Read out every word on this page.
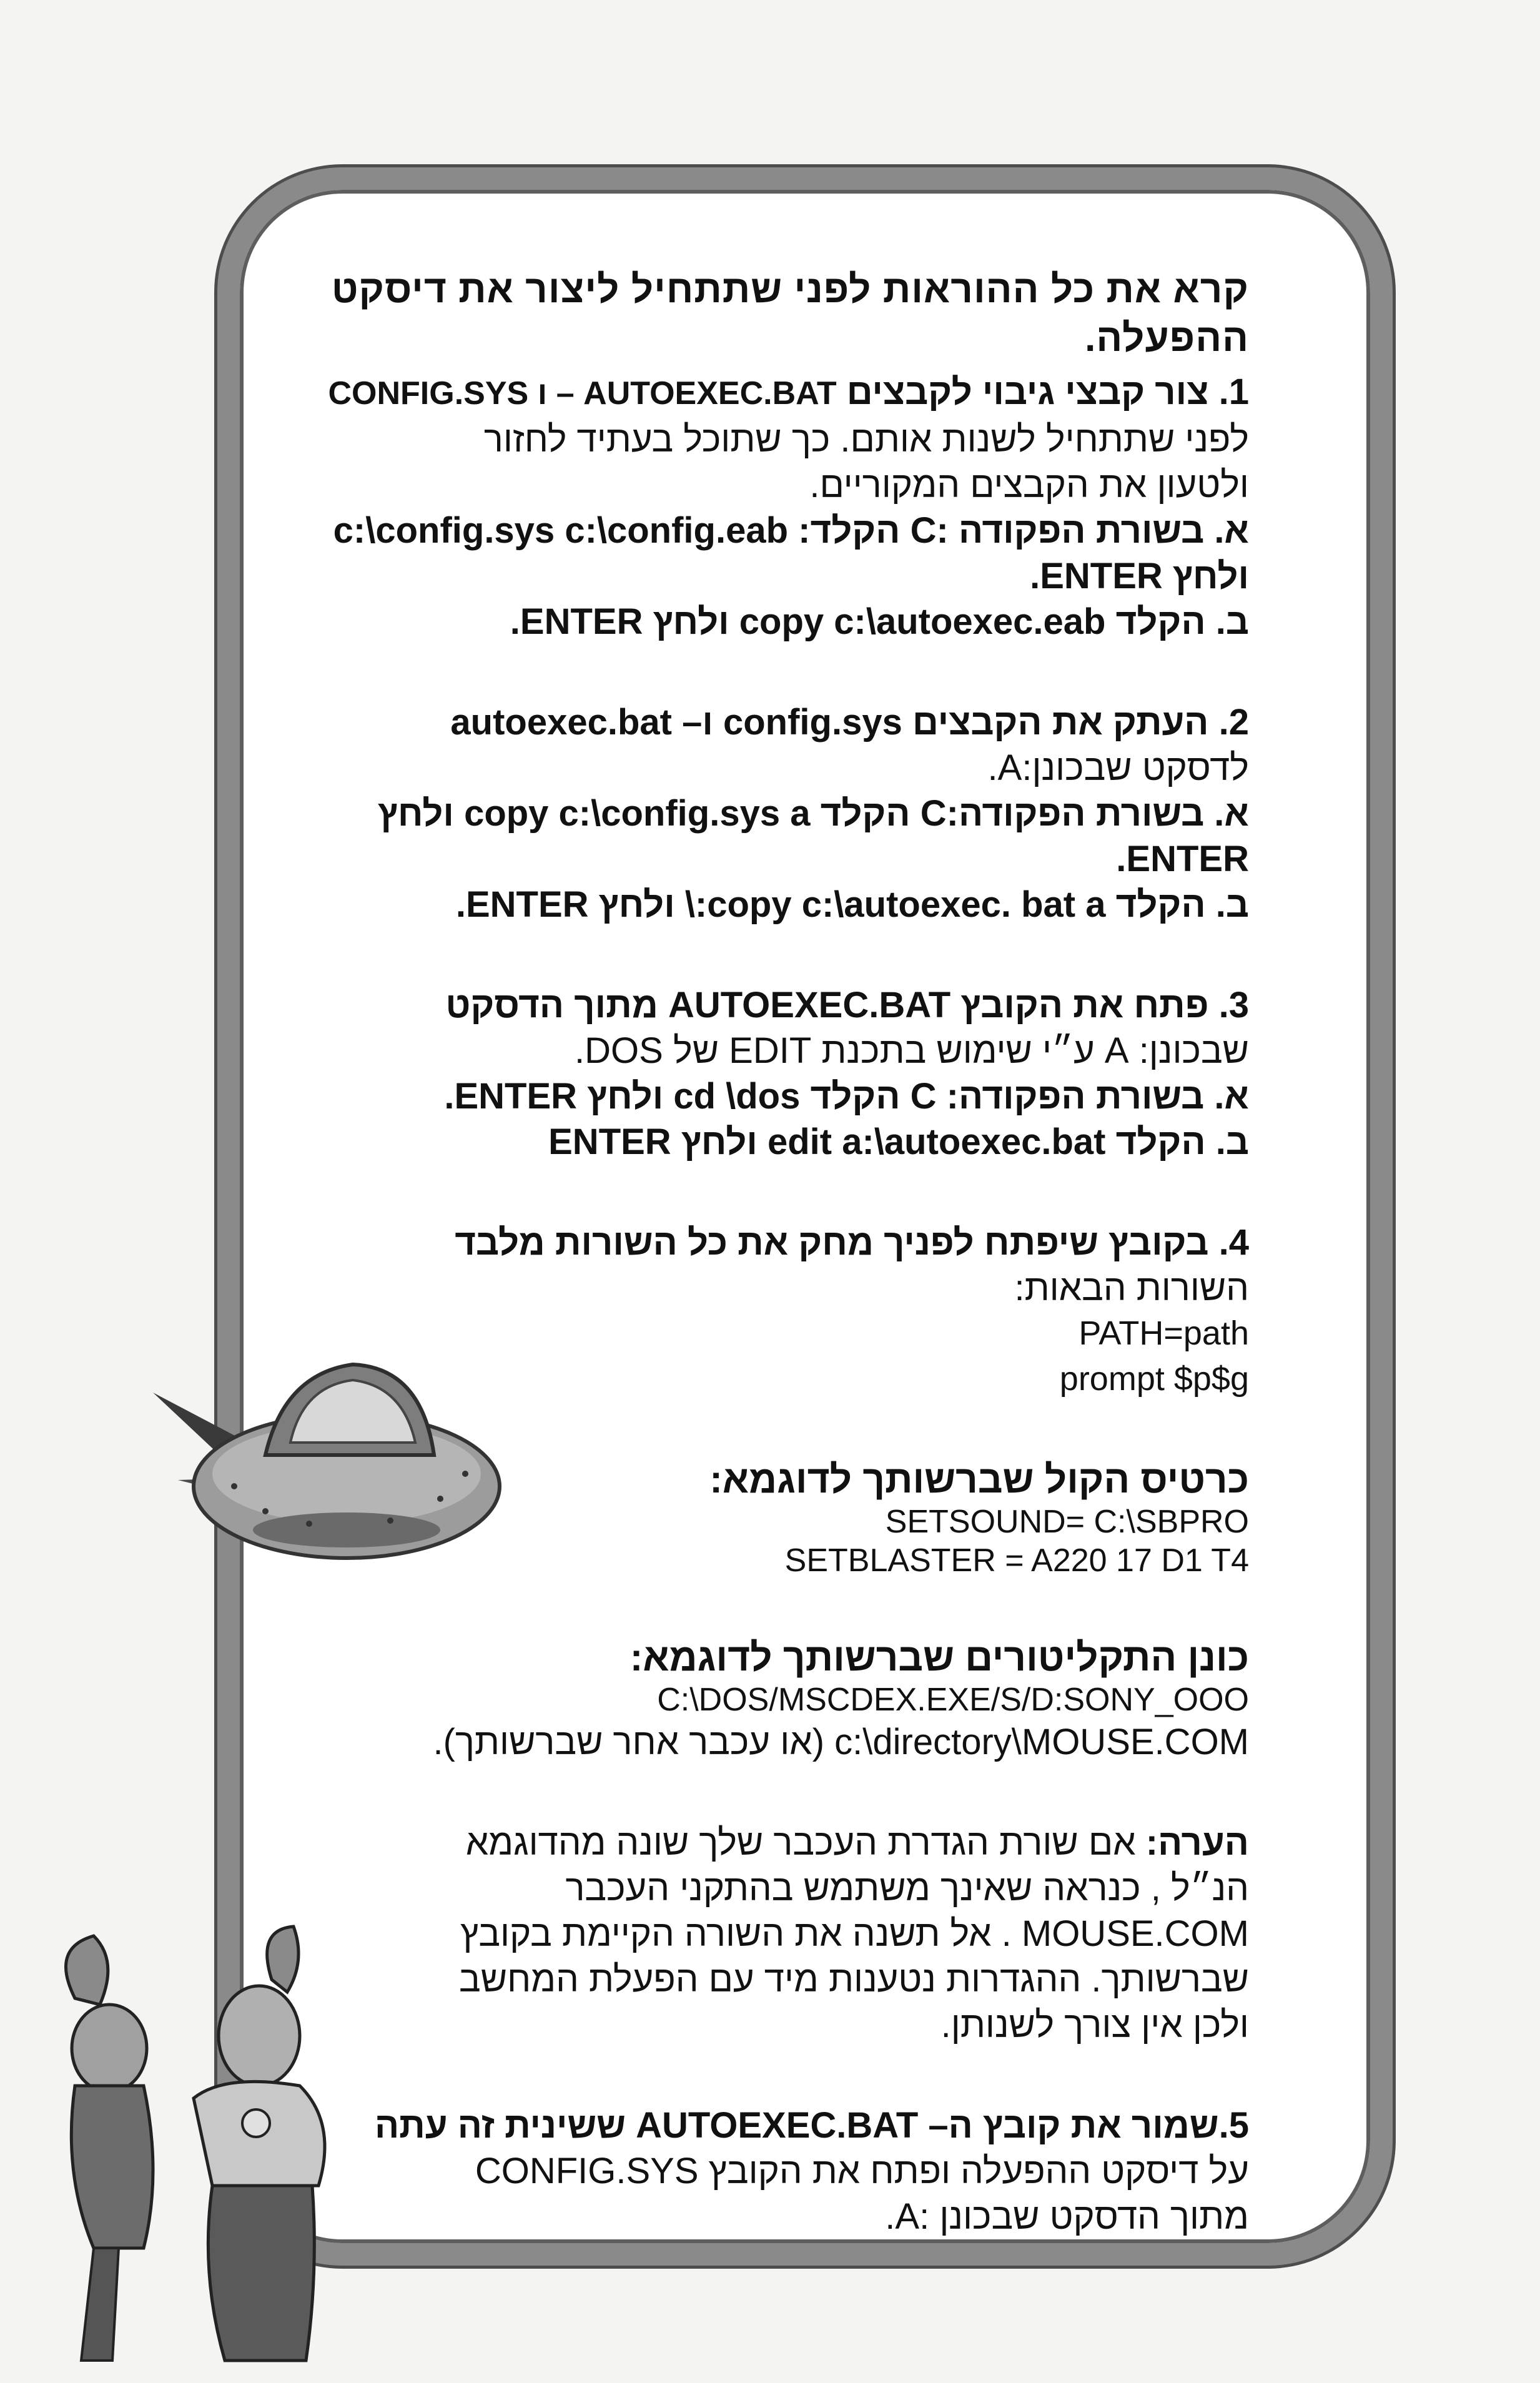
קרא את כל ההוראות לפני שתתחיל ליצור את דיסקט ההפעלה.

1. צור קבצי גיבוי לקבצים AUTOEXEC.BAT – ו CONFIG.SYS

לפני שתתחיל לשנות אותם. כך שתוכל בעתיד לחזור

ולטעון את הקבצים המקוריים.

א. בשורת הפקודה :C הקלד: c:\config.sys c:\config.eab

ולחץ ENTER.

ב. הקלד copy c:\autoexec.eab ולחץ ENTER.

2. העתק את הקבצים config.sys ו– autoexec.bat

לדסקט שבכונן:A.

א. בשורת הפקודה:C הקלד copy c:\config.sys a ולחץ

ENTER.

ב. הקלד copy c:\autoexec. bat a:\ ולחץ ENTER.

3. פתח את הקובץ AUTOEXEC.BAT מתוך הדסקט

שבכונן: A ע״י שימוש בתכנת EDIT של DOS.

א. בשורת הפקודה: C הקלד cd \dos ולחץ ENTER.

ב. הקלד edit a:\autoexec.bat ולחץ ENTER

4. בקובץ שיפתח לפניך מחק את כל השורות מלבד

השורות הבאות:

PATH=path

prompt $p$g

כרטיס הקול שברשותך לדוגמא:

SETSOUND= C:\SBPRO

SETBLASTER = A220 17 D1 T4

כונן התקליטורים שברשותך לדוגמא:

C:\DOS/MSCDEX.EXE/S/D:SONY_OOO

c:\directory\MOUSE.COM (או עכבר אחר שברשותך).

הערה: אם שורת הגדרת העכבר שלך שונה מהדוגמא

הנ״ל , כנראה שאינך משתמש בהתקני העכבר

MOUSE.COM . אל תשנה את השורה הקיימת בקובץ

שברשותך. ההגדרות נטענות מיד עם הפעלת המחשב

ולכן אין צורך לשנותן.

5.שמור את קובץ ה– AUTOEXEC.BAT ששינית זה עתה

על דיסקט ההפעלה ופתח את הקובץ CONFIG.SYS

מתוך הדסקט שבכונן :A.
